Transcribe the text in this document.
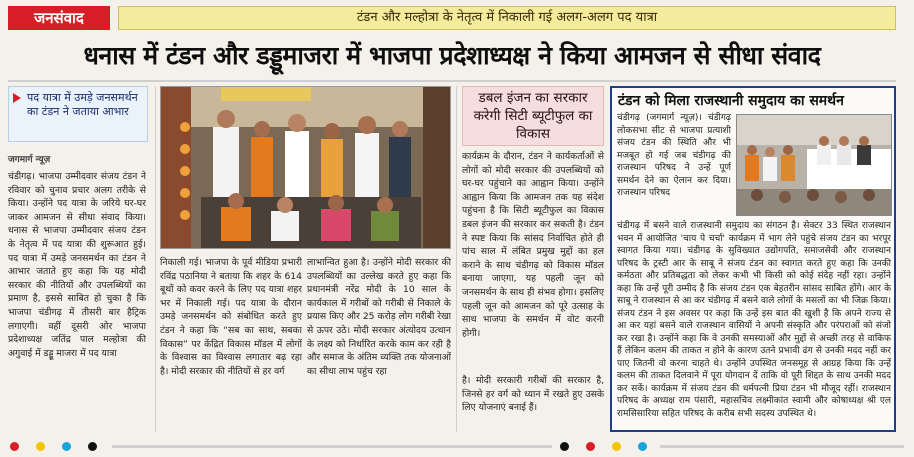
जनसंवाद	टंडन और मल्होत्रा के नेतृत्व में निकाली गई अलग-अलग पद यात्रा
धनास में टंडन और डड्डूमाजरा में भाजपा प्रदेशाध्यक्ष ने किया आमजन से सीधा संवाद
पद यात्रा में उमड़े जनसमर्थन का टंडन ने जताया आभार
जगमार्ग न्यूज़
चंडीगढ़। भाजपा उम्मीदवार संजय टंडन ने रविवार को चुनाव प्रचार अलग तरीके से किया। उन्होंने पद यात्रा के जरिये घर-घर जाकर आमजन से सीधा संवाद किया। धनास से भाजपा उम्मीदवार संजय टंडन के नेतृत्व में पद यात्रा की शुरूआत हुई। पद यात्रा में उमड़े जनसमर्थन का टंडन ने आभार जताते हुए कहा कि यह मोदी सरकार की नीतियों और उपलब्धियों का प्रमाण है, इससे साबित हो चुका है कि भाजपा चंडीगढ़ में तीसरी बार हैट्रिक लगाएगी। वहीं दूसरी ओर भाजपा प्रदेशाध्यक्ष जतिंद्र पाल मल्होत्रा की अगुवाई में डड्डू माजरा में पद यात्रा
निकाली गई। भाजपा के पूर्व मीडिया प्रभारी रविंद्र पठानिया ने बताया कि शहर के 614 बूथों को कवर करने के लिए पद यात्रा शहर भर में निकाली गई। पद यात्रा के दौरान उमड़े जनसमर्थन को संबोधित करते हुए टंडन ने कहा कि “सब का साथ, सबका विकास” पर केंद्रित विकास मॉडल में लोगों के विश्वास का विश्वास लगातार बढ़ रहा है। मोदी सरकार की नीतियों से हर वर्ग
लाभान्वित हुआ है। उन्होंने मोदी सरकार की उपलब्धियों का उल्लेख करते हुए कहा कि प्रधानमंत्री नरेंद्र मोदी के 10 साल के कार्यकाल में गरीबों को गरीबी से निकाले के प्रयास किए और 25 करोड़ लोग गरीबी रेखा से ऊपर उठे। मोदी सरकार अंत्योदय उत्थान के लक्ष्य को निर्धारित करके काम कर रही है और समाज के अंतिम व्यक्ति तक योजनाओं का सीधा लाभ पहुंच रहा
डबल इंजन का सरकार करेगी सिटी ब्यूटीफुल का विकास
कार्यक्रम के दौरान, टंडन ने कार्यकर्ताओं से लोगों को मोदी सरकार की उपलब्धियों को घर-घर पहुंचाने का आह्वान किया। उन्होंने आह्वान किया कि आमजन तक यह संदेश पहुंचना है कि सिटी ब्यूटीफुल का विकास डबल इंजन की सरकार कर सकती है। टंडन ने स्पष्ट किया कि सांसद निर्वाचित होते ही पांच साल में लंबित प्रमुख मुद्दों का हल कराने के साथ चंडीगढ़ को विकास मॉडल बनाया जाएगा, यह पहली जून को जनसमर्थन के साथ ही संभव होगा। इसलिए पहली जून को आमजन को पूरे उत्साह के साथ भाजपा के समर्थन में वोट करनी होगी।
है। मोदी सरकारी गरीबों की सरकार है, जिनसे हर वर्ग को ध्यान में रखते हुए उसके लिए योजनाएं बनाई हैं।
टंडन को मिला राजस्थानी समुदाय का समर्थन
चंडीगढ़ (जगमार्ग न्यूज़)। चंडीगढ़ लोकसभा सीट से भाजपा प्रत्याशी संजय टंडन की स्थिति और भी मजबूत हो गई जब चंडीगढ़ की राजस्थान परिषद ने उन्हें पूर्ण समर्थन देने का ऐलान कर दिया। राजस्थान परिषद
चंडीगढ़ में बसने वाले राजस्थानी समुदाय का संगठन है। सेक्टर 33 स्थित राजस्थान भवन में आयोजित 'चाय पे चर्चा' कार्यक्रम में भाग लेने पहुंचे संजय टंडन का भरपूर स्वागत किया गया। चंडीगढ़ के सुविख्यात उद्योगपति, समाजसेवी और राजस्थान परिषद के ट्रस्टी आर के साबू ने संजय टंडन का स्वागत करते हुए कहा कि उनकी कर्मठता और प्रतिबद्धता को लेकर कभी भी किसी को कोई संदेह नहीं रहा। उन्होंने कहा कि उन्हें पूरी उम्मीद है कि संजय टंडन एक बेहतरीन सांसद साबित होंगे। आर के साबू ने राजस्थान से आ कर चंडीगढ़ में बसने वाले लोगों के मसलों का भी जिक्र किया। संजय टंडन ने इस अवसर पर कहा कि उन्हें इस बात की खुशी है कि अपने राज्य से आ कर यहां बसने वाले राजस्थान वासियों ने अपनी संस्कृति और परंपराओं को संजो कर रखा है। उन्होंने कहा कि वे उनकी समस्याओं और मुद्दों से अच्छी तरह से वाकिफ हैं लेकिन कलम की ताकत न होने के कारण उतने प्रभावी ढंग से उनकी मदद नहीं कर पाए जितनी वो करना चाहते थे। उन्होंने उपस्थित जनसमूह से आग्रह किया कि उन्हें कलम की ताकत दिलवाने में पूरा योगदान दें ताकि वो पूरी शिद्दत के साथ उनकी मदद कर सकें। कार्यक्रम में संजय टंडन की धर्मपत्नी प्रिया टंडन भी मौजूद रहीं। राजस्थान परिषद के अध्यक्ष राम पंसारी, महासचिव लक्ष्मीकांत स्वामी और कोषाध्यक्ष श्री एल रामसिसारिया सहित परिषद के करीब सभी सदस्य उपस्थित थे।
